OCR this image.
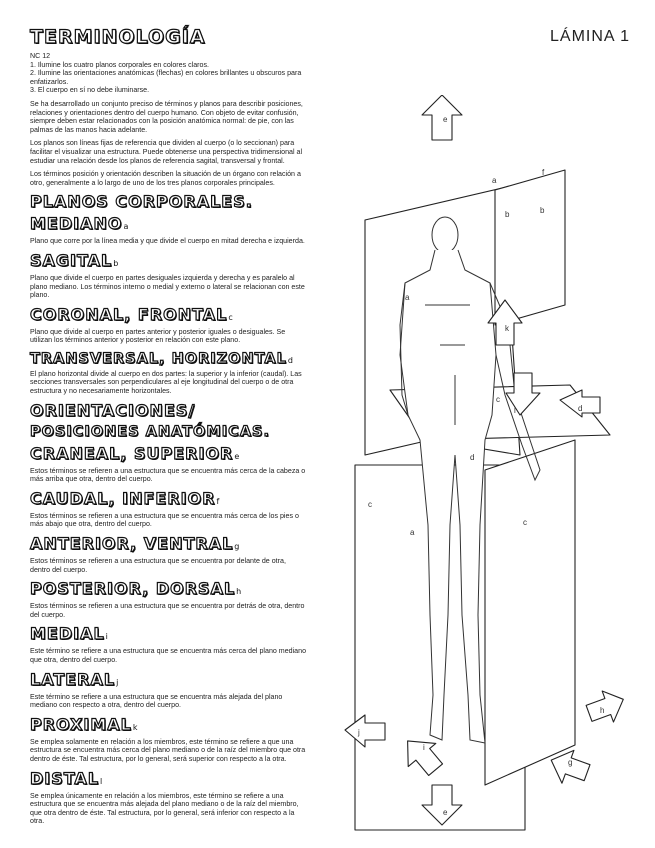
TERMINOLOGÍA	LÁMINA 1

NC 12

1. Ilumine los cuatro planos corporales en colores claros.

2. Ilumine las orientaciones anatómicas (flechas) en colores brillantes u obscuros para enfatizarlos.

3. El cuerpo en sí no debe iluminarse.

Se ha desarrollado un conjunto preciso de términos y planos para describir posiciones, relaciones y orientaciones dentro del cuerpo humano. Con objeto de evitar confusión, siempre deben estar relacionados con la posición anatómica normal: de pie, con las palmas de las manos hacia adelante.

Los planos son líneas fijas de referencia que dividen al cuerpo (o lo seccionan) para facilitar el visualizar una estructura. Puede obtenerse una perspectiva tridimensional al estudiar una relación desde los planos de referencia sagital, transversal y frontal.

Los términos posición y orientación describen la situación de un órgano con relación a otro, generalmente a lo largo de uno de los tres planos corporales principales.

PLANOS CORPORALES.
MEDIANOa

Plano que corre por la línea media y que divide el cuerpo en mitad derecha e izquierda.

SAGITALb

Plano que divide el cuerpo en partes desiguales izquierda y derecha y es paralelo al plano mediano. Los términos interno o medial y externo o lateral se relacionan con este plano.

CORONAL, FRONTALc

Plano que divide al cuerpo en partes anterior y posterior iguales o desiguales. Se utilizan los términos anterior y posterior en relación con este plano.

TRANSVERSAL, HORIZONTALd

El plano horizontal divide al cuerpo en dos partes: la superior y la inferior (caudal). Las secciones transversales son perpendiculares al eje longitudinal del cuerpo o de otra estructura y no necesariamente horizontales.

ORIENTACIONES/
POSICIONES ANATÓMICAS.
CRANEAL, SUPERIORe

Estos términos se refieren a una estructura que se encuentra más cerca de la cabeza o más arriba que otra, dentro del cuerpo.

CAUDAL, INFERIORf

Estos términos se refieren a una estructura que se encuentra más cerca de los pies o más abajo que otra, dentro del cuerpo.

ANTERIOR, VENTRALg

Estos términos se refieren a una estructura que se encuentra por delante de otra, dentro del cuerpo.

POSTERIOR, DORSALh

Estos términos se refieren a una estructura que se encuentra por detrás de otra, dentro del cuerpo.

MEDIALi

Este término se refiere a una estructura que se encuentra más cerca del plano mediano que otra, dentro del cuerpo.

LATERALj

Este término se refiere a una estructura que se encuentra más alejada del plano mediano con respecto a otra, dentro del cuerpo.

PROXIMALk

Se emplea solamente en relación a los miembros, este término se refiere a que una estructura se encuentra más cerca del plano mediano o de la raíz del miembro que otra dentro de éste. Tal estructura, por lo general, será superior con respecto a la otra.

DISTALl

Se emplea únicamente en relación a los miembros, este término se refiere a una estructura que se encuentra más alejada del plano mediano o de la raíz del miembro, que otra dentro de éste. Tal estructura, por lo general, será inferior con respecto a la otra.

e
e
a
a
a
b	b
f
c
c
c
d
d
k
l
h
g
j
i
